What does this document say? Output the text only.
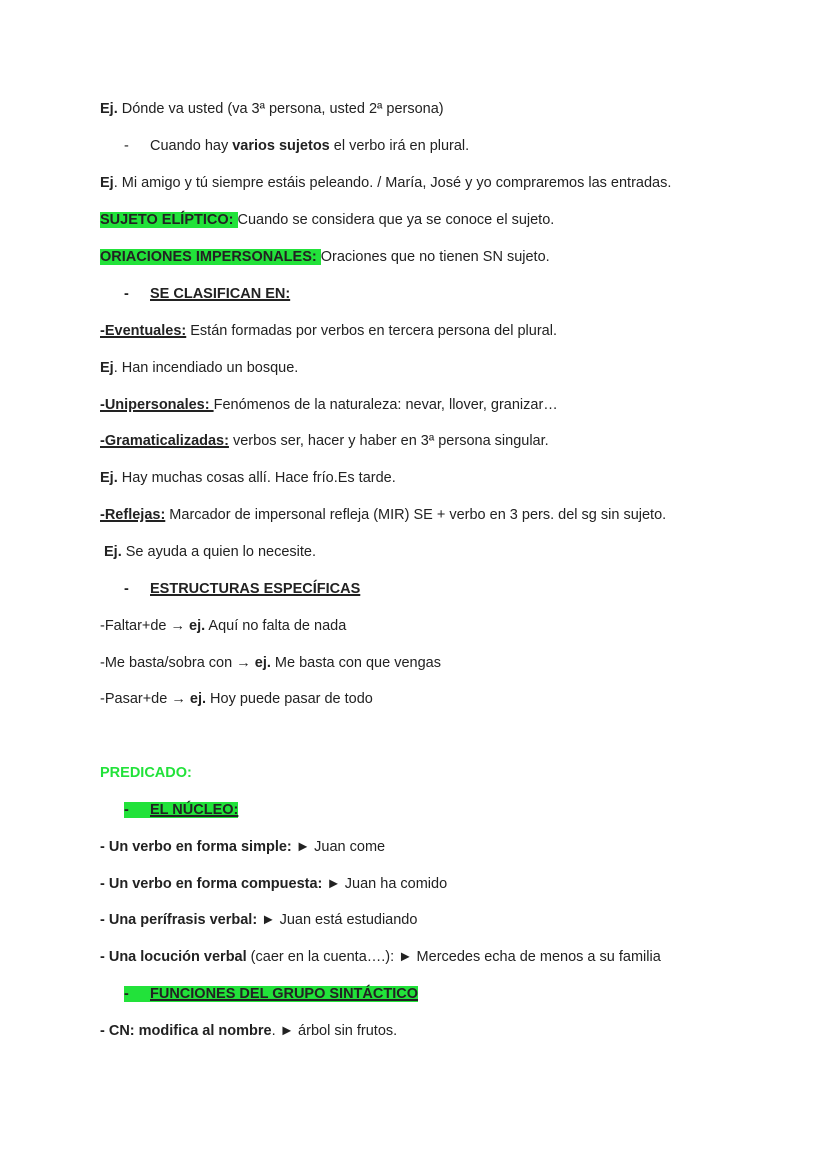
Ej. Dónde va usted (va 3ª persona, usted 2ª persona)
- Cuando hay varios sujetos el verbo irá en plural.
Ej. Mi amigo y tú siempre estáis peleando. / María, José y yo compraremos las entradas.
SUJETO ELÍPTICO: Cuando se considera que ya se conoce el sujeto.
ORIACIONES IMPERSONALES: Oraciones que no tienen SN sujeto.
- SE CLASIFICAN EN:
-Eventuales: Están formadas por verbos en tercera persona del plural.
Ej. Han incendiado un bosque.
-Unipersonales: Fenómenos de la naturaleza: nevar, llover, granizar…
-Gramaticalizadas: verbos ser, hacer y haber en 3ª persona singular.
Ej. Hay muchas cosas allí. Hace frío.Es tarde.
-Reflejas: Marcador de impersonal refleja (MIR) SE + verbo en 3 pers. del sg sin sujeto.
Ej. Se ayuda a quien lo necesite.
- ESTRUCTURAS ESPECÍFICAS
-Faltar+de → ej. Aquí no falta de nada
-Me basta/sobra con → ej. Me basta con que vengas
-Pasar+de → ej. Hoy puede pasar de todo
PREDICADO:
- EL NÚCLEO:
- Un verbo en forma simple: ► Juan come
- Un verbo en forma compuesta: ► Juan ha comido
- Una perífrasis verbal: ► Juan está estudiando
- Una locución verbal (caer en la cuenta….): ► Mercedes echa de menos a su familia
- FUNCIONES DEL GRUPO SINTÁCTICO
- CN: modifica al nombre. ► árbol sin frutos.
